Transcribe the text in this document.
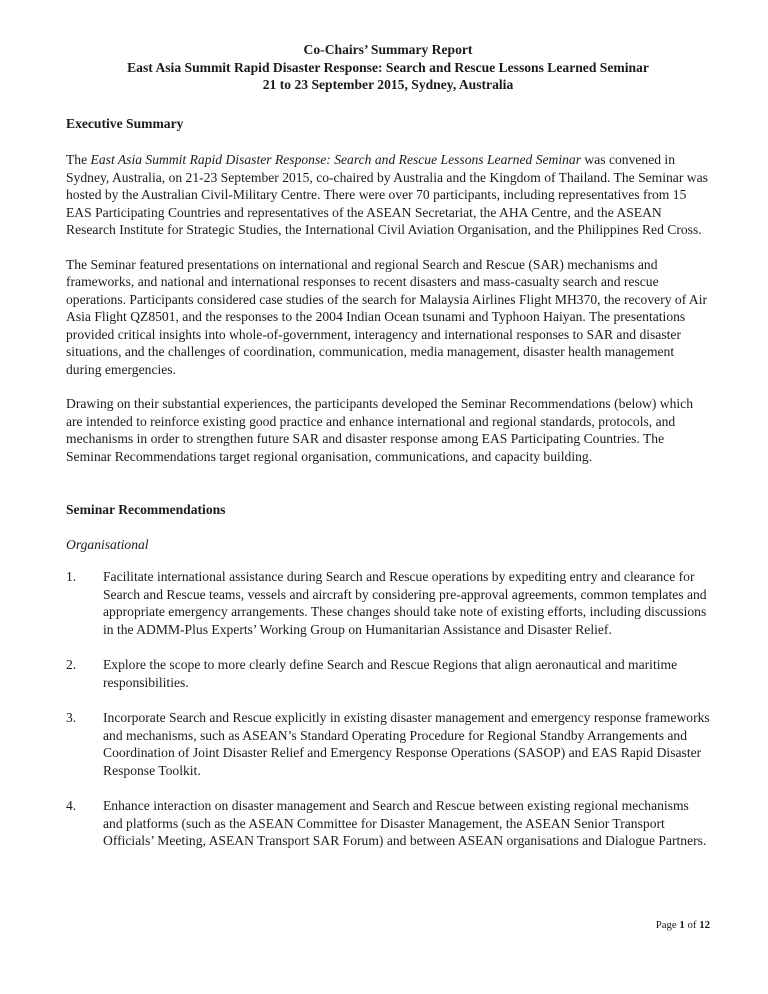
Co-Chairs’ Summary Report
East Asia Summit Rapid Disaster Response: Search and Rescue Lessons Learned Seminar
21 to 23 September 2015, Sydney, Australia
Executive Summary

The East Asia Summit Rapid Disaster Response: Search and Rescue Lessons Learned Seminar was convened in Sydney, Australia, on 21-23 September 2015, co-chaired by Australia and the Kingdom of Thailand. The Seminar was hosted by the Australian Civil-Military Centre. There were over 70 participants, including representatives from 15 EAS Participating Countries and representatives of the ASEAN Secretariat, the AHA Centre, and the ASEAN Research Institute for Strategic Studies, the International Civil Aviation Organisation, and the Philippines Red Cross.

The Seminar featured presentations on international and regional Search and Rescue (SAR) mechanisms and frameworks, and national and international responses to recent disasters and mass-casualty search and rescue operations. Participants considered case studies of the search for Malaysia Airlines Flight MH370, the recovery of Air Asia Flight QZ8501, and the responses to the 2004 Indian Ocean tsunami and Typhoon Haiyan. The presentations provided critical insights into whole-of-government, interagency and international responses to SAR and disaster situations, and the challenges of coordination, communication, media management, disaster health management during emergencies.

Drawing on their substantial experiences, the participants developed the Seminar Recommendations (below) which are intended to reinforce existing good practice and enhance international and regional standards, protocols, and mechanisms in order to strengthen future SAR and disaster response among EAS Participating Countries. The Seminar Recommendations target regional organisation, communications, and capacity building.

Seminar Recommendations
Organisational
1.	Facilitate international assistance during Search and Rescue operations by expediting entry and clearance for Search and Rescue teams, vessels and aircraft by considering pre-approval agreements, common templates and appropriate emergency arrangements. These changes should take note of existing efforts, including discussions in the ADMM-Plus Experts’ Working Group on Humanitarian Assistance and Disaster Relief.
2.	Explore the scope to more clearly define Search and Rescue Regions that align aeronautical and maritime responsibilities.
3.	Incorporate Search and Rescue explicitly in existing disaster management and emergency response frameworks and mechanisms, such as ASEAN’s Standard Operating Procedure for Regional Standby Arrangements and Coordination of Joint Disaster Relief and Emergency Response Operations (SASOP) and EAS Rapid Disaster Response Toolkit.
4.	Enhance interaction on disaster management and Search and Rescue between existing regional mechanisms and platforms (such as the ASEAN Committee for Disaster Management, the ASEAN Senior Transport Officials’ Meeting, ASEAN Transport SAR Forum) and between ASEAN organisations and Dialogue Partners.
Page 1 of 12
